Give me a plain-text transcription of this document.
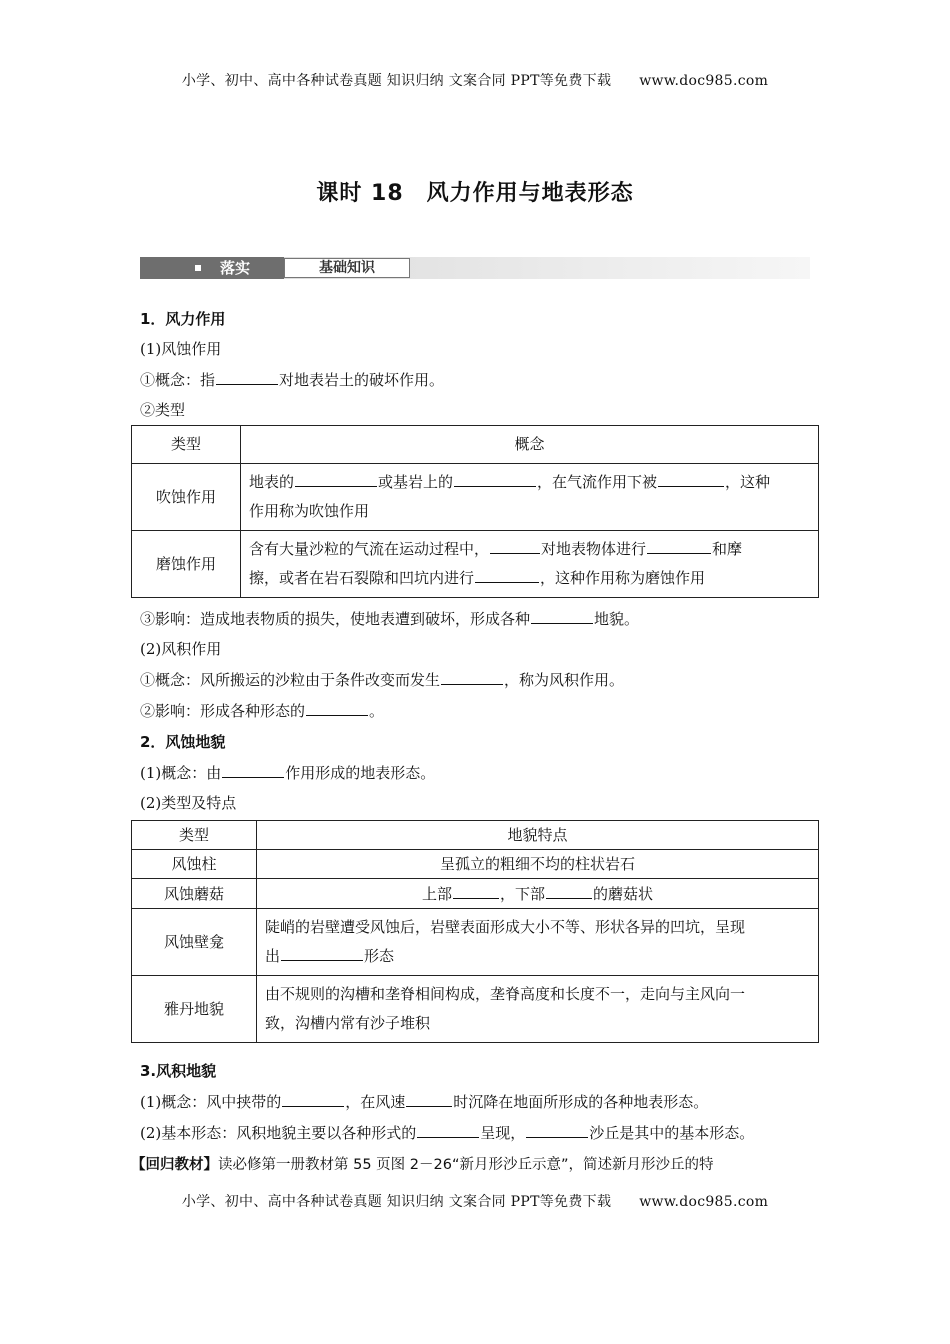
小学、初中、高中各种试卷真题 知识归纳 文案合同 PPT等免费下载 www.doc985.com
课时 18　风力作用与地表形态
落实	基础知识
1．风力作用
(1)风蚀作用
①概念：指	对地表岩土的破坏作用。
②类型
类型	概念
吹蚀作用	地表的 或基岩上的 ，在气流作用下被 ，这种
作用称为吹蚀作用
磨蚀作用	含有大量沙粒的气流在运动过程中， 对地表物体进行 和摩
擦，或者在岩石裂隙和凹坑内进行 ，这种作用称为磨蚀作用
③影响：造成地表物质的损失，使地表遭到破坏，形成各种	地貌。
(2)风积作用
①概念：风所搬运的沙粒由于条件改变而发生	，称为风积作用。
②影响：形成各种形态的	。
2．风蚀地貌
(1)概念：由	作用形成的地表形态。
(2)类型及特点
类型	地貌特点
风蚀柱	呈孤立的粗细不均的柱状岩石
风蚀蘑菇	上部 ，下部 的蘑菇状
风蚀壁龛	陡峭的岩壁遭受风蚀后，岩壁表面形成大小不等、形状各异的凹坑，呈现
出 形态
雅丹地貌	由不规则的沟槽和垄脊相间构成，垄脊高度和长度不一，走向与主风向一
致，沟槽内常有沙子堆积
3.风积地貌
(1)概念：风中挟带的	，在风速	时沉降在地面所形成的各种地表形态。
(2)基本形态：风积地貌主要以各种形式的	呈现，	沙丘是其中的基本形态。
【回归教材】读必修第一册教材第 55 页图 2－26“新月形沙丘示意”，简述新月形沙丘的特
小学、初中、高中各种试卷真题 知识归纳 文案合同 PPT等免费下载 www.doc985.com
